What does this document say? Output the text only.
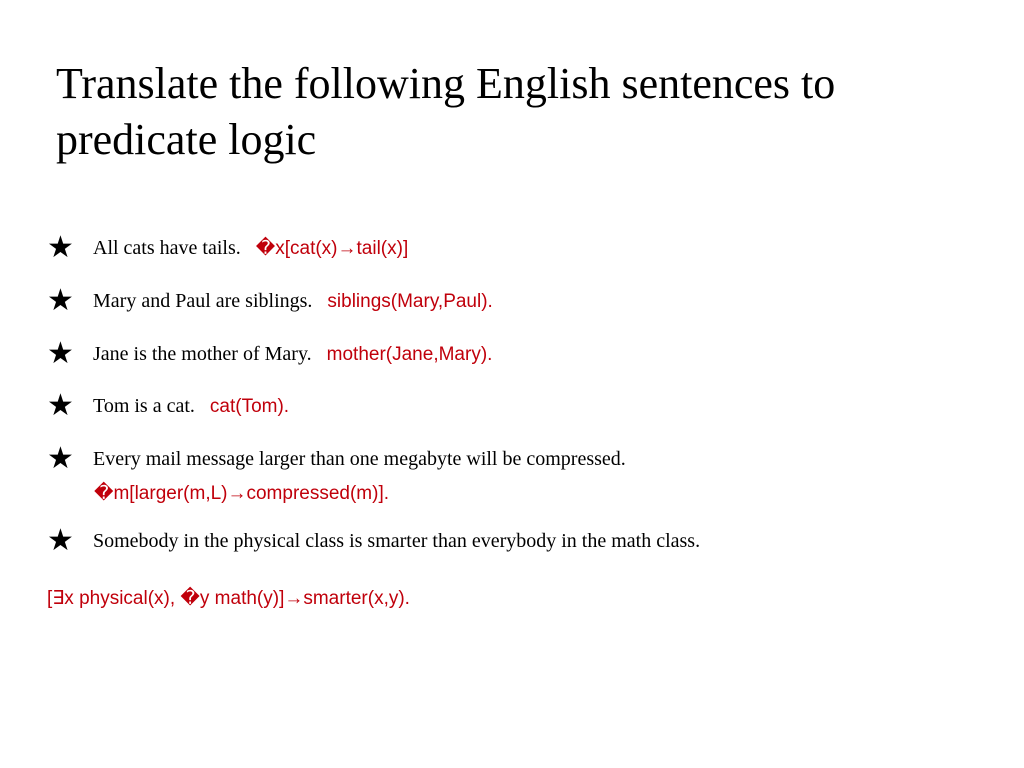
Translate the following English sentences to predicate logic
★ All cats have tails. �x[cat(x)→tail(x)]
★ Mary and Paul are siblings. siblings(Mary,Paul).
★ Jane is the mother of Mary. mother(Jane,Mary).
★ Tom is a cat. cat(Tom).
★ Every mail message larger than one megabyte will be compressed.
�m[larger(m,L)→compressed(m)].
★ Somebody in the physical class is smarter than everybody in the math class.
[∃x physical(x), �y math(y)]→smarter(x,y).
